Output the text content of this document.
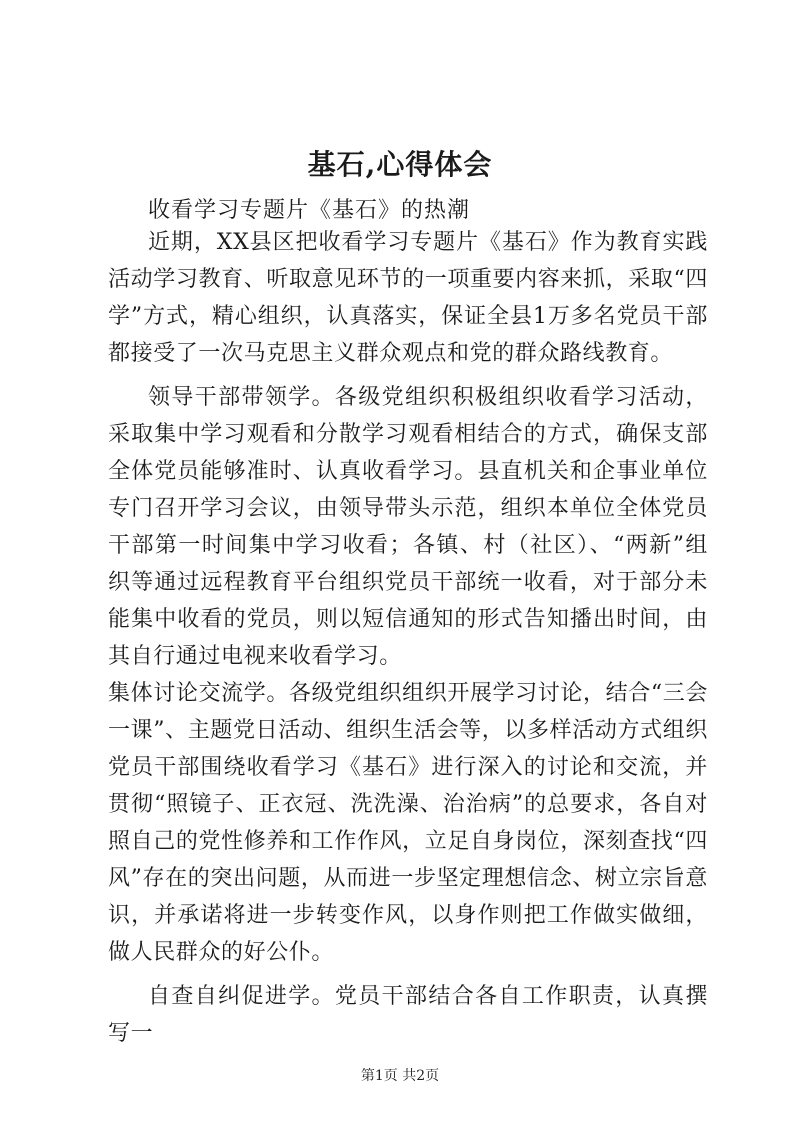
基石,心得体会

收看学习专题片《基石》的热潮

近期，XX县区把收看学习专题片《基石》作为教育实践活动学习教育、听取意见环节的一项重要内容来抓，采取“四学”方式，精心组织，认真落实，保证全县1万多名党员干部都接受了一次马克思主义群众观点和党的群众路线教育。

领导干部带领学。各级党组织积极组织收看学习活动，采取集中学习观看和分散学习观看相结合的方式，确保支部全体党员能够准时、认真收看学习。县直机关和企事业单位专门召开学习会议，由领导带头示范，组织本单位全体党员干部第一时间集中学习收看；各镇、村（社区）、“两新”组织等通过远程教育平台组织党员干部统一收看，对于部分未能集中收看的党员，则以短信通知的形式告知播出时间，由其自行通过电视来收看学习。

集体讨论交流学。各级党组织组织开展学习讨论，结合“三会一课”、主题党日活动、组织生活会等，以多样活动方式组织党员干部围绕收看学习《基石》进行深入的讨论和交流，并贯彻“照镜子、正衣冠、洗洗澡、治治病”的总要求，各自对照自己的党性修养和工作作风，立足自身岗位，深刻查找“四风”存在的突出问题，从而进一步坚定理想信念、树立宗旨意识，并承诺将进一步转变作风，以身作则把工作做实做细，做人民群众的好公仆。

自查自纠促进学。党员干部结合各自工作职责，认真撰写一

第1页 共2页
